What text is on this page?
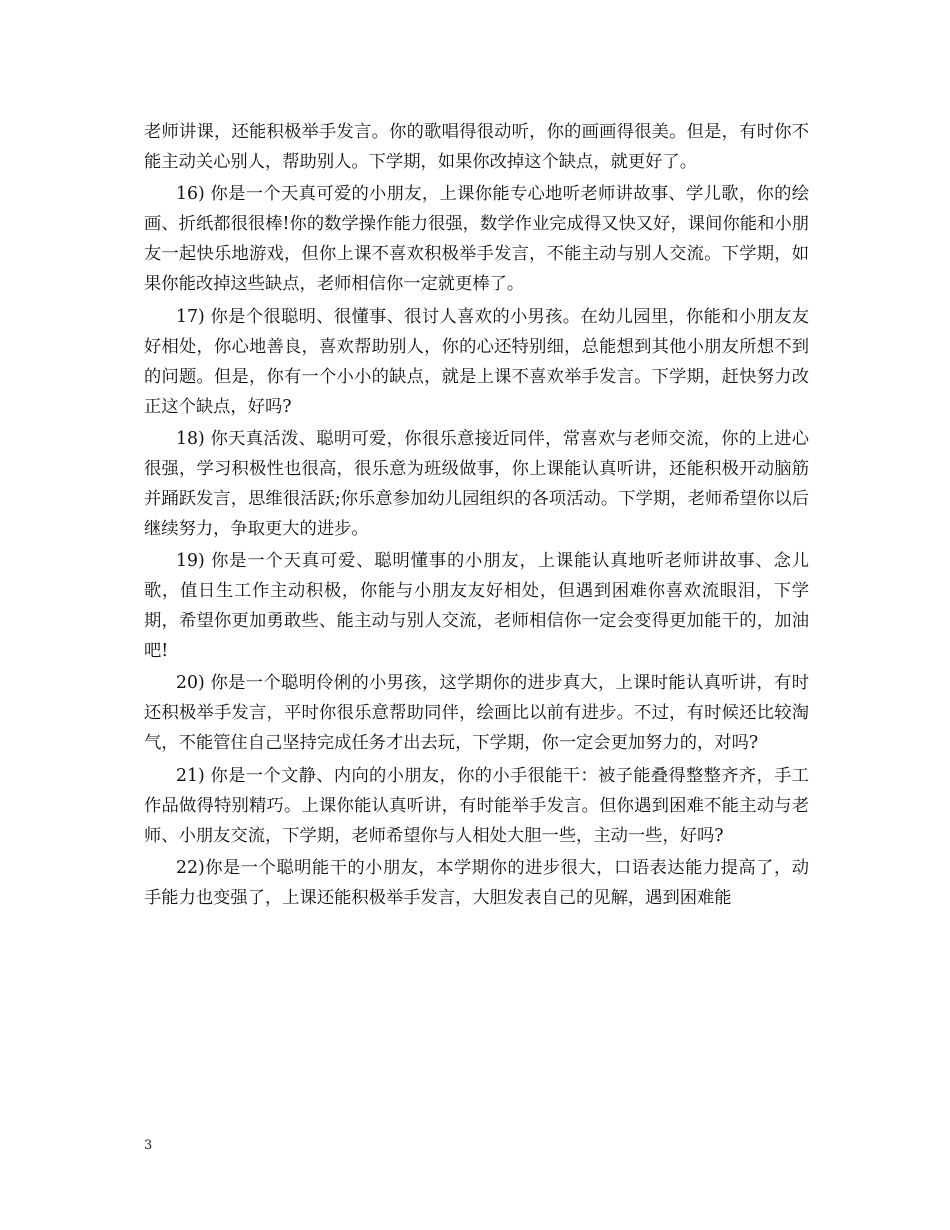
老师讲课，还能积极举手发言。你的歌唱得很动听，你的画画得很美。但是，有时你不能主动关心别人，帮助别人。下学期，如果你改掉这个缺点，就更好了。

16) 你是一个天真可爱的小朋友，上课你能专心地听老师讲故事、学儿歌，你的绘画、折纸都很很棒!你的数学操作能力很强，数学作业完成得又快又好，课间你能和小朋友一起快乐地游戏，但你上课不喜欢积极举手发言，不能主动与别人交流。下学期，如果你能改掉这些缺点，老师相信你一定就更棒了。

17) 你是个很聪明、很懂事、很讨人喜欢的小男孩。在幼儿园里，你能和小朋友友好相处，你心地善良，喜欢帮助别人，你的心还特别细，总能想到其他小朋友所想不到的问题。但是，你有一个小小的缺点，就是上课不喜欢举手发言。下学期，赶快努力改正这个缺点，好吗?

18) 你天真活泼、聪明可爱，你很乐意接近同伴，常喜欢与老师交流，你的上进心很强，学习积极性也很高，很乐意为班级做事，你上课能认真听讲，还能积极开动脑筋并踊跃发言，思维很活跃;你乐意参加幼儿园组织的各项活动。下学期，老师希望你以后继续努力，争取更大的进步。

19) 你是一个天真可爱、聪明懂事的小朋友，上课能认真地听老师讲故事、念儿歌，值日生工作主动积极，你能与小朋友友好相处，但遇到困难你喜欢流眼泪，下学期，希望你更加勇敢些、能主动与别人交流，老师相信你一定会变得更加能干的，加油吧!

20) 你是一个聪明伶俐的小男孩，这学期你的进步真大，上课时能认真听讲，有时还积极举手发言，平时你很乐意帮助同伴，绘画比以前有进步。不过，有时候还比较淘气，不能管住自己坚持完成任务才出去玩，下学期，你一定会更加努力的，对吗?

21) 你是一个文静、内向的小朋友，你的小手很能干：被子能叠得整整齐齐，手工作品做得特别精巧。上课你能认真听讲，有时能举手发言。但你遇到困难不能主动与老师、小朋友交流，下学期，老师希望你与人相处大胆一些，主动一些，好吗?

22)你是一个聪明能干的小朋友，本学期你的进步很大，口语表达能力提高了，动手能力也变强了，上课还能积极举手发言，大胆发表自己的见解，遇到困难能

3
